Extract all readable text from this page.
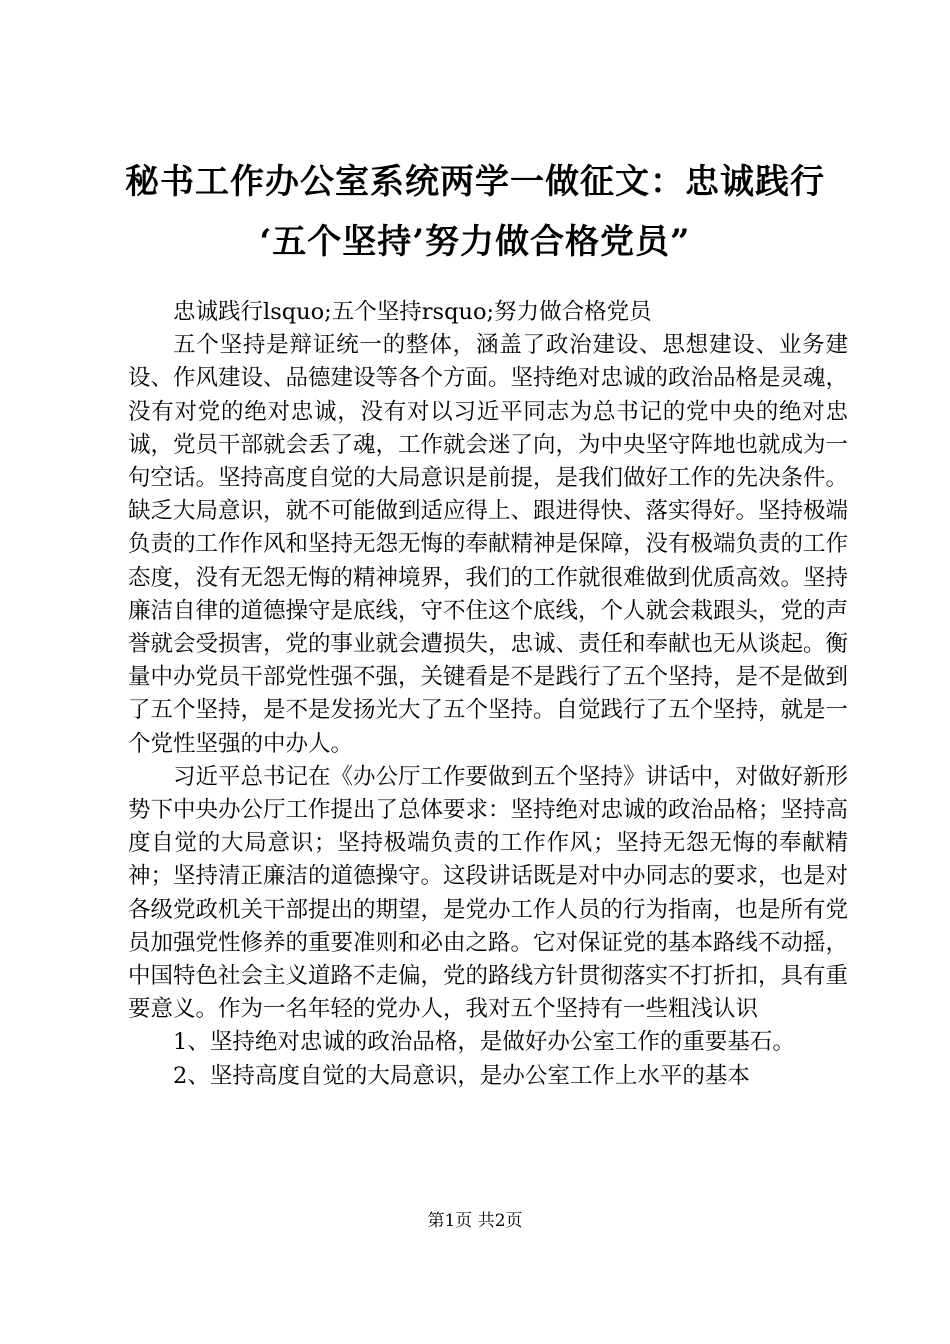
秘书工作办公室系统两学一做征文：忠诚践行
‘五个坚持’努力做合格党员”

忠诚践行lsquo;五个坚持rsquo;努力做合格党员

五个坚持是辩证统一的整体，涵盖了政治建设、思想建设、业务建设、作风建设、品德建设等各个方面。坚持绝对忠诚的政治品格是灵魂，没有对党的绝对忠诚，没有对以习近平同志为总书记的党中央的绝对忠诚，党员干部就会丢了魂，工作就会迷了向，为中央坚守阵地也就成为一句空话。坚持高度自觉的大局意识是前提，是我们做好工作的先决条件。缺乏大局意识，就不可能做到适应得上、跟进得快、落实得好。坚持极端负责的工作作风和坚持无怨无悔的奉献精神是保障，没有极端负责的工作态度，没有无怨无悔的精神境界，我们的工作就很难做到优质高效。坚持廉洁自律的道德操守是底线，守不住这个底线，个人就会栽跟头，党的声誉就会受损害，党的事业就会遭损失，忠诚、责任和奉献也无从谈起。衡量中办党员干部党性强不强，关键看是不是践行了五个坚持，是不是做到了五个坚持，是不是发扬光大了五个坚持。自觉践行了五个坚持，就是一个党性坚强的中办人。

习近平总书记在《办公厅工作要做到五个坚持》讲话中，对做好新形势下中央办公厅工作提出了总体要求：坚持绝对忠诚的政治品格；坚持高度自觉的大局意识；坚持极端负责的工作作风；坚持无怨无悔的奉献精神；坚持清正廉洁的道德操守。这段讲话既是对中办同志的要求，也是对各级党政机关干部提出的期望，是党办工作人员的行为指南，也是所有党员加强党性修养的重要准则和必由之路。它对保证党的基本路线不动摇，中国特色社会主义道路不走偏，党的路线方针贯彻落实不打折扣，具有重要意义。作为一名年轻的党办人，我对五个坚持有一些粗浅认识

1、坚持绝对忠诚的政治品格，是做好办公室工作的重要基石。

2、坚持高度自觉的大局意识，是办公室工作上水平的基本

第1页 共2页
